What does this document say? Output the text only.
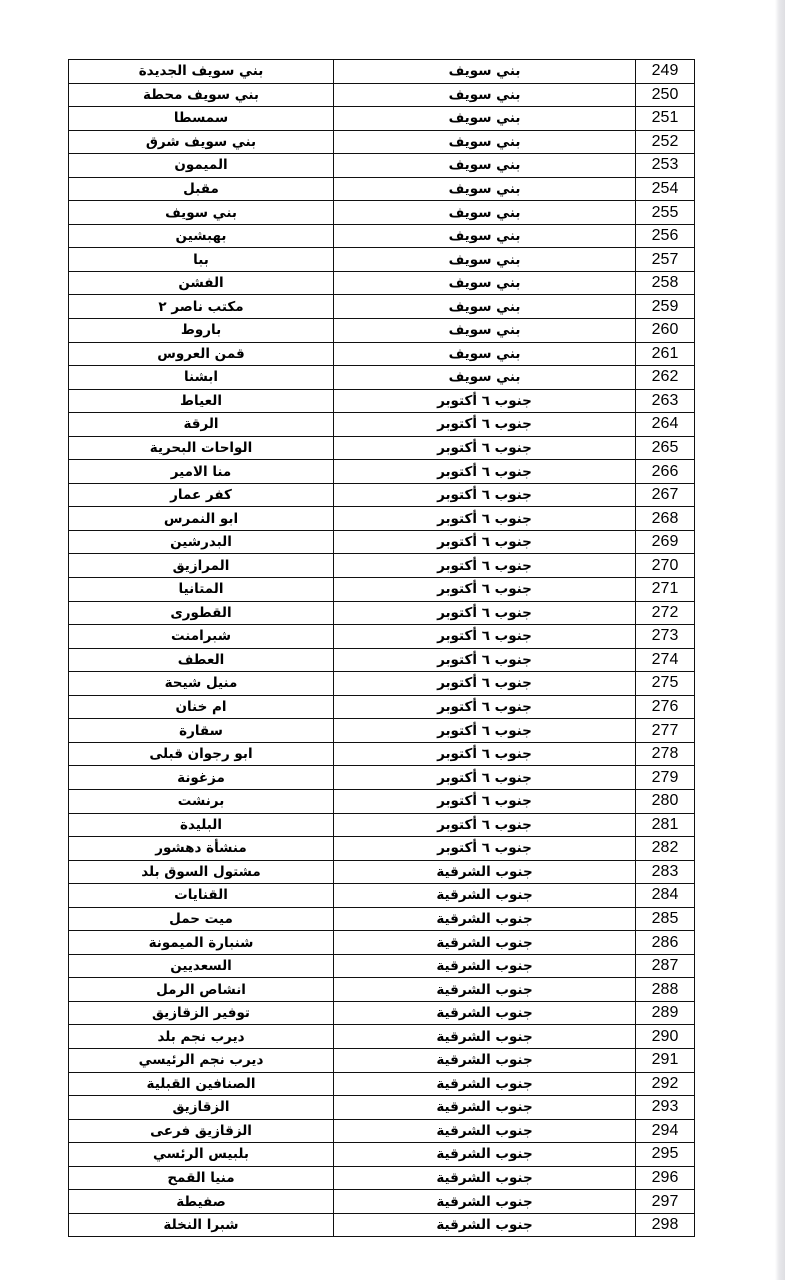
بني سويف الجديدة	بني سويف	249
بني سويف محطة	بني سويف	250
سمسطا	بني سويف	251
بني سويف شرق	بني سويف	252
الميمون	بني سويف	253
مقبل	بني سويف	254
بني سويف	بني سويف	255
بهبشين	بني سويف	256
ببا	بني سويف	257
الفشن	بني سويف	258
مكتب ناصر ٢	بني سويف	259
باروط	بني سويف	260
قمن العروس	بني سويف	261
ابشنا	بني سويف	262
العياط	جنوب ٦ أكتوبر	263
الرقة	جنوب ٦ أكتوبر	264
الواحات البحرية	جنوب ٦ أكتوبر	265
منا الامير	جنوب ٦ أكتوبر	266
كفر عمار	جنوب ٦ أكتوبر	267
ابو النمرس	جنوب ٦ أكتوبر	268
البدرشين	جنوب ٦ أكتوبر	269
المرازيق	جنوب ٦ أكتوبر	270
المتانيا	جنوب ٦ أكتوبر	271
القطورى	جنوب ٦ أكتوبر	272
شبرامنت	جنوب ٦ أكتوبر	273
العطف	جنوب ٦ أكتوبر	274
منيل شيحة	جنوب ٦ أكتوبر	275
ام خنان	جنوب ٦ أكتوبر	276
سقارة	جنوب ٦ أكتوبر	277
ابو رجوان قبلى	جنوب ٦ أكتوبر	278
مزغونة	جنوب ٦ أكتوبر	279
برنشت	جنوب ٦ أكتوبر	280
البليدة	جنوب ٦ أكتوبر	281
منشأة دهشور	جنوب ٦ أكتوبر	282
مشتول السوق بلد	جنوب الشرقية	283
القنايات	جنوب الشرقية	284
ميت حمل	جنوب الشرقية	285
شنبارة الميمونة	جنوب الشرقية	286
السعديين	جنوب الشرقية	287
انشاص الرمل	جنوب الشرقية	288
توفير الزقازيق	جنوب الشرقية	289
ديرب نجم بلد	جنوب الشرقية	290
ديرب نجم الرئيسي	جنوب الشرقية	291
الصنافين القبلية	جنوب الشرقية	292
الزقازيق	جنوب الشرقية	293
الزقازيق فرعى	جنوب الشرقية	294
بلبيس الرئسي	جنوب الشرقية	295
منيا القمح	جنوب الشرقية	296
صفيطة	جنوب الشرقية	297
شبرا النخلة	جنوب الشرقية	298
